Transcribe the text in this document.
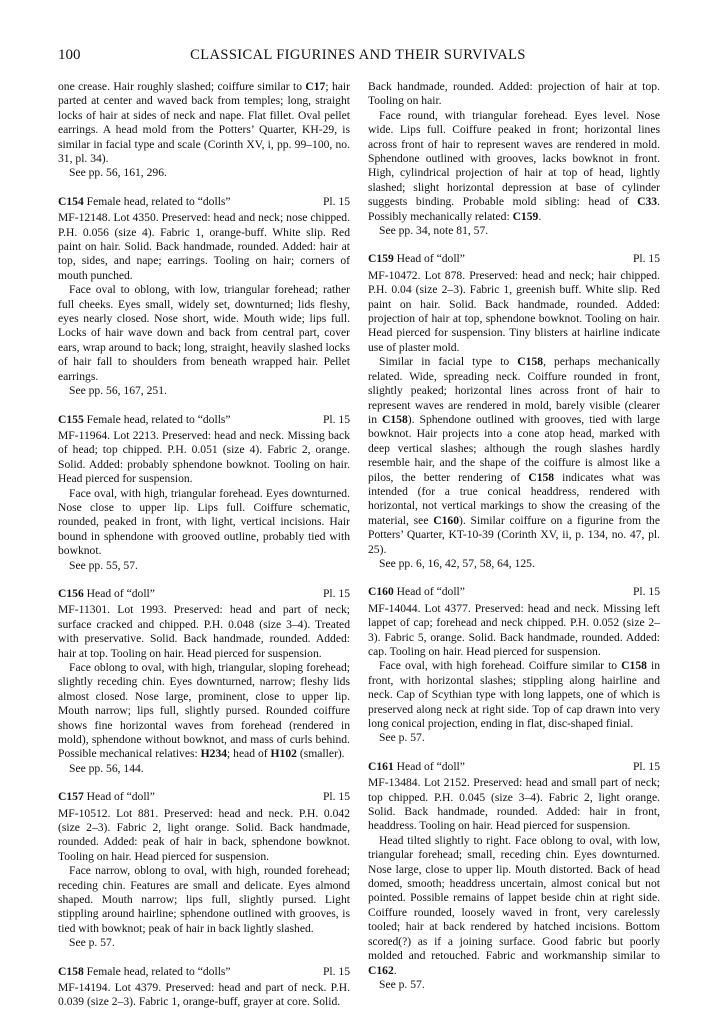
100	CLASSICAL FIGURINES AND THEIR SURVIVALS

one crease. Hair roughly slashed; coiffure similar to C17; hair parted at center and waved back from temples; long, straight locks of hair at sides of neck and nape. Flat fillet. Oval pellet earrings. A head mold from the Potters’ Quarter, KH-29, is similar in facial type and scale (Corinth XV, i, pp. 99–100, no. 31, pl. 34).

See pp. 56, 161, 296.

C154 Female head, related to “dolls”	Pl. 15

MF-12148. Lot 4350. Preserved: head and neck; nose chipped. P.H. 0.056 (size 4). Fabric 1, orange-buff. White slip. Red paint on hair. Solid. Back handmade, rounded. Added: hair at top, sides, and nape; earrings. Tooling on hair; corners of mouth punched.

Face oval to oblong, with low, triangular forehead; rather full cheeks. Eyes small, widely set, downturned; lids fleshy, eyes nearly closed. Nose short, wide. Mouth wide; lips full. Locks of hair wave down and back from central part, cover ears, wrap around to back; long, straight, heavily slashed locks of hair fall to shoulders from beneath wrapped hair. Pellet earrings.

See pp. 56, 167, 251.

C155 Female head, related to “dolls”	Pl. 15

MF-11964. Lot 2213. Preserved: head and neck. Missing back of head; top chipped. P.H. 0.051 (size 4). Fabric 2, orange. Solid. Added: probably sphendone bowknot. Tooling on hair. Head pierced for suspension.

Face oval, with high, triangular forehead. Eyes downturned. Nose close to upper lip. Lips full. Coiffure schematic, rounded, peaked in front, with light, vertical incisions. Hair bound in sphendone with grooved outline, probably tied with bowknot.

See pp. 55, 57.

C156 Head of “doll”	Pl. 15

MF-11301. Lot 1993. Preserved: head and part of neck; surface cracked and chipped. P.H. 0.048 (size 3–4). Treated with preservative. Solid. Back handmade, rounded. Added: hair at top. Tooling on hair. Head pierced for suspension.

Face oblong to oval, with high, triangular, sloping forehead; slightly receding chin. Eyes downturned, narrow; fleshy lids almost closed. Nose large, prominent, close to upper lip. Mouth narrow; lips full, slightly pursed. Rounded coiffure shows fine horizontal waves from forehead (rendered in mold), sphendone without bowknot, and mass of curls behind. Possible mechanical relatives: H234; head of H102 (smaller).

See pp. 56, 144.

C157 Head of “doll”	Pl. 15

MF-10512. Lot 881. Preserved: head and neck. P.H. 0.042 (size 2–3). Fabric 2, light orange. Solid. Back handmade, rounded. Added: peak of hair in back, sphendone bowknot. Tooling on hair. Head pierced for suspension.

Face narrow, oblong to oval, with high, rounded forehead; receding chin. Features are small and delicate. Eyes almond shaped. Mouth narrow; lips full, slightly pursed. Light stippling around hairline; sphendone outlined with grooves, is tied with bowknot; peak of hair in back lightly slashed.

See p. 57.

C158 Female head, related to “dolls”	Pl. 15

MF-14194. Lot 4379. Preserved: head and part of neck. P.H. 0.039 (size 2–3). Fabric 1, orange-buff, grayer at core. Solid.

Back handmade, rounded. Added: projection of hair at top. Tooling on hair.

Face round, with triangular forehead. Eyes level. Nose wide. Lips full. Coiffure peaked in front; horizontal lines across front of hair to represent waves are rendered in mold. Sphendone outlined with grooves, lacks bowknot in front. High, cylindrical projection of hair at top of head, lightly slashed; slight horizontal depression at base of cylinder suggests binding. Probable mold sibling: head of C33. Possibly mechanically related: C159.

See pp. 34, note 81, 57.

C159 Head of “doll”	Pl. 15

MF-10472. Lot 878. Preserved: head and neck; hair chipped. P.H. 0.04 (size 2–3). Fabric 1, greenish buff. White slip. Red paint on hair. Solid. Back handmade, rounded. Added: projection of hair at top, sphendone bowknot. Tooling on hair. Head pierced for suspension. Tiny blisters at hairline indicate use of plaster mold.

Similar in facial type to C158, perhaps mechanically related. Wide, spreading neck. Coiffure rounded in front, slightly peaked; horizontal lines across front of hair to represent waves are rendered in mold, barely visible (clearer in C158). Sphendone outlined with grooves, tied with large bowknot. Hair projects into a cone atop head, marked with deep vertical slashes; although the rough slashes hardly resemble hair, and the shape of the coiffure is almost like a pilos, the better rendering of C158 indicates what was intended (for a true conical headdress, rendered with horizontal, not vertical markings to show the creasing of the material, see C160). Similar coiffure on a figurine from the Potters’ Quarter, KT-10-39 (Corinth XV, ii, p. 134, no. 47, pl. 25).

See pp. 6, 16, 42, 57, 58, 64, 125.

C160 Head of “doll”	Pl. 15

MF-14044. Lot 4377. Preserved: head and neck. Missing left lappet of cap; forehead and neck chipped. P.H. 0.052 (size 2–3). Fabric 5, orange. Solid. Back handmade, rounded. Added: cap. Tooling on hair. Head pierced for suspension.

Face oval, with high forehead. Coiffure similar to C158 in front, with horizontal slashes; stippling along hairline and neck. Cap of Scythian type with long lappets, one of which is preserved along neck at right side. Top of cap drawn into very long conical projection, ending in flat, disc-shaped finial.

See p. 57.

C161 Head of “doll”	Pl. 15

MF-13484. Lot 2152. Preserved: head and small part of neck; top chipped. P.H. 0.045 (size 3–4). Fabric 2, light orange. Solid. Back handmade, rounded. Added: hair in front, headdress. Tooling on hair. Head pierced for suspension.

Head tilted slightly to right. Face oblong to oval, with low, triangular forehead; small, receding chin. Eyes downturned. Nose large, close to upper lip. Mouth distorted. Back of head domed, smooth; headdress uncertain, almost conical but not pointed. Possible remains of lappet beside chin at right side. Coiffure rounded, loosely waved in front, very carelessly tooled; hair at back rendered by hatched incisions. Bottom scored(?) as if a joining surface. Good fabric but poorly molded and retouched. Fabric and workmanship similar to C162.

See p. 57.
